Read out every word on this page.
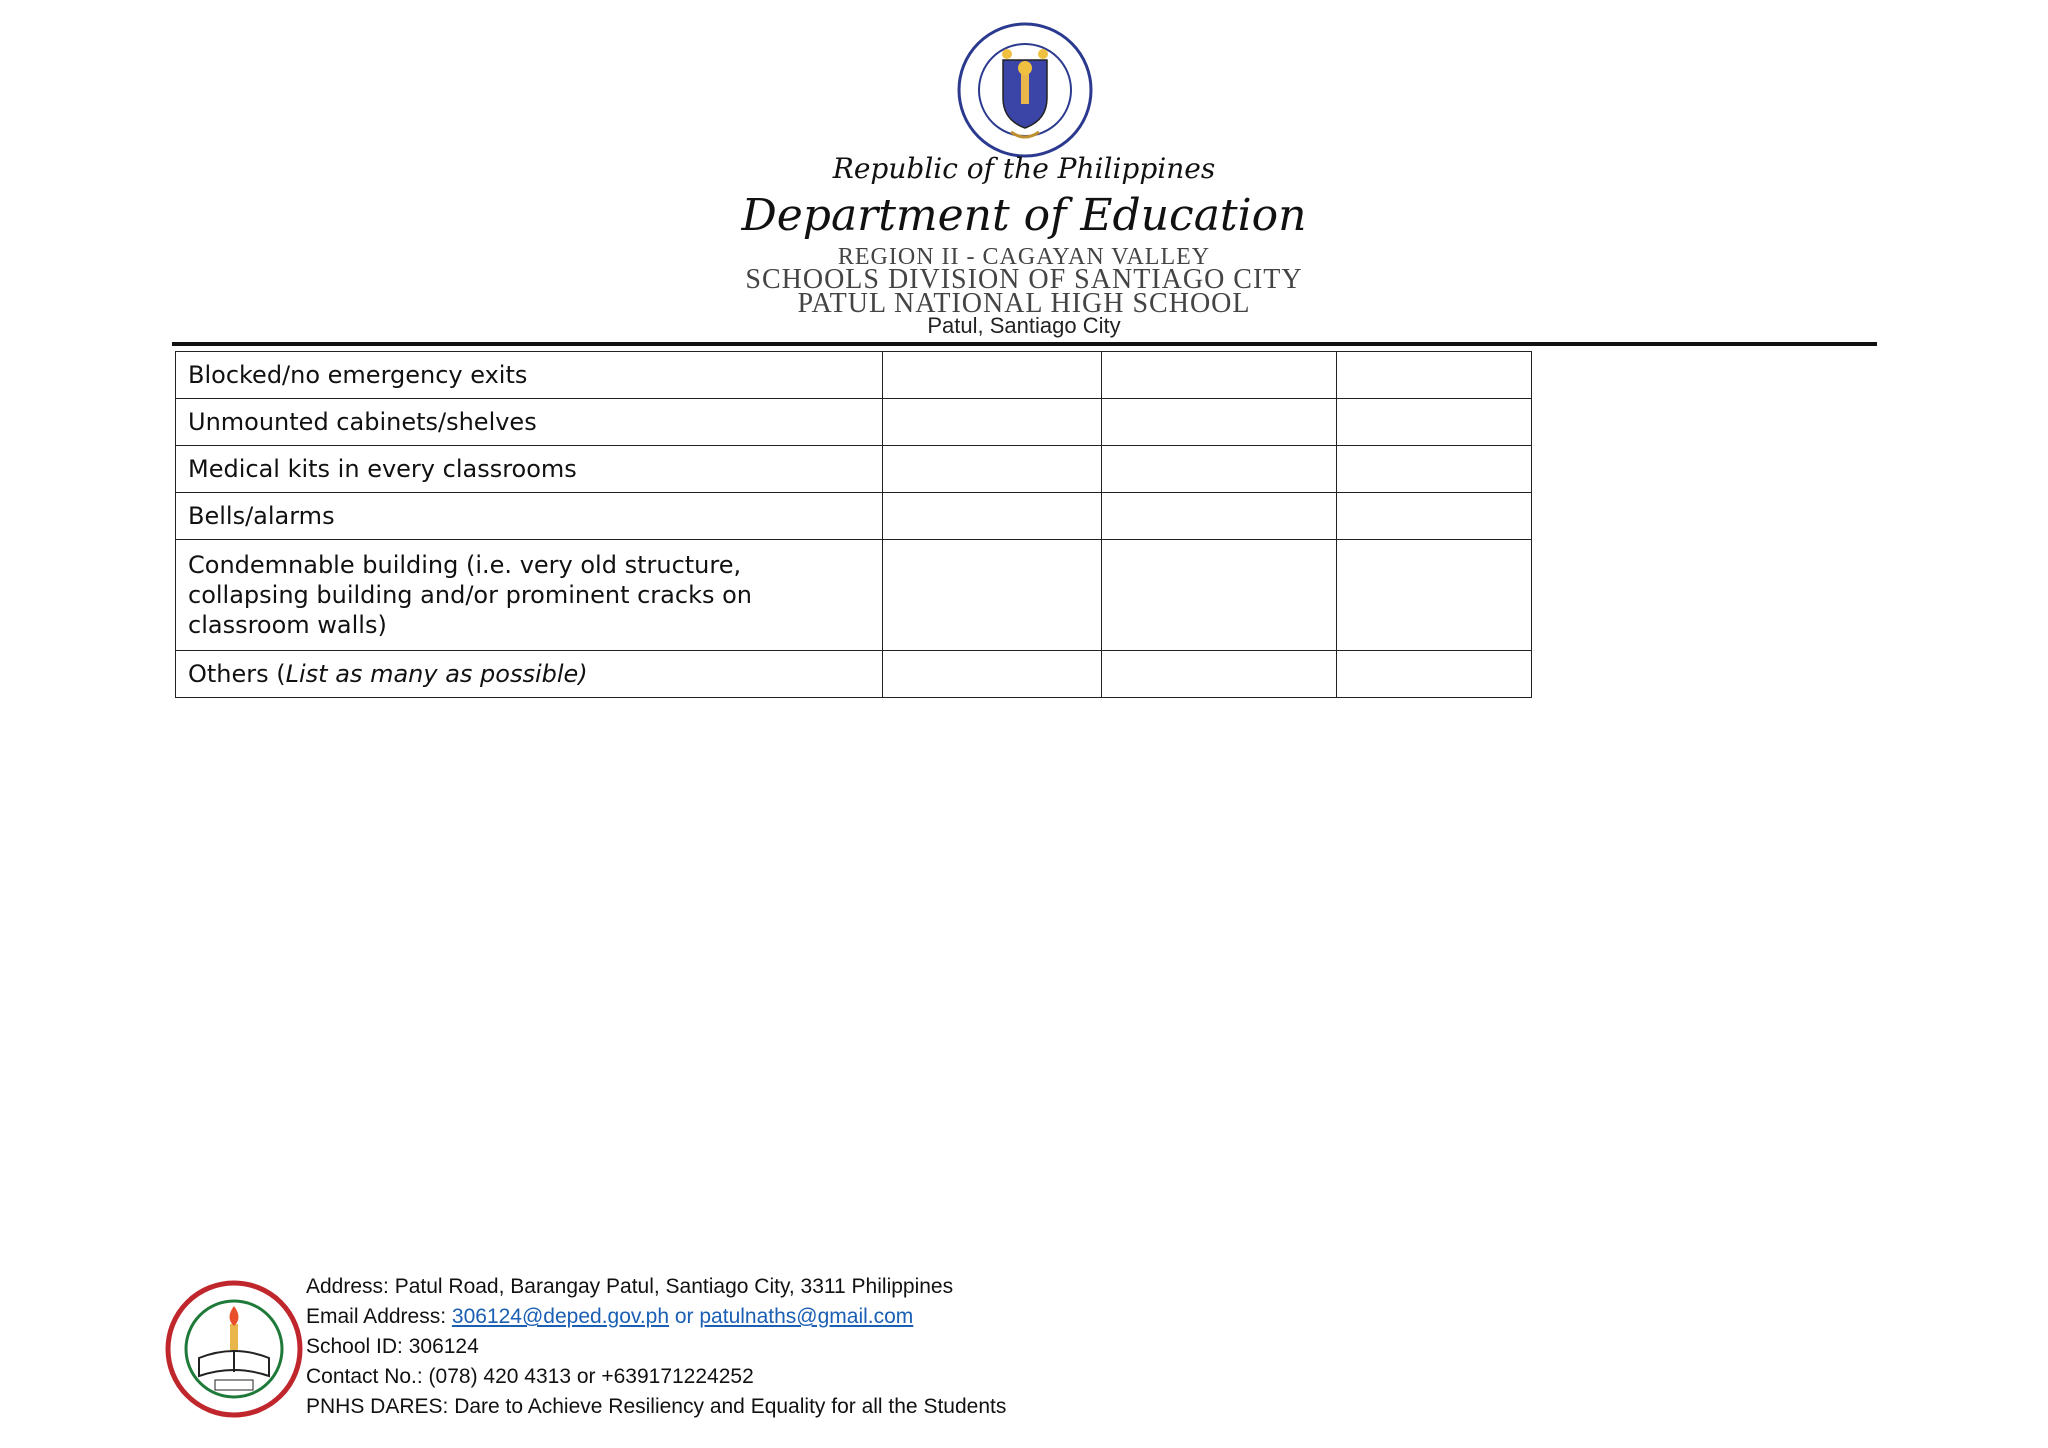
Republic of the Philippines
Department of Education
REGION II - CAGAYAN VALLEY
SCHOOLS DIVISION OF SANTIAGO CITY
PATUL NATIONAL HIGH SCHOOL
Patul, Santiago City
Blocked/no emergency exits			
Unmounted cabinets/shelves			
Medical kits in every classrooms			
Bells/alarms			

Condemnable building (i.e. very old structure,
collapsing building and/or prominent cracks on
classroom walls)			

Others (List as many as possible)			
Address: Patul Road, Barangay Patul, Santiago City, 3311 Philippines
Email Address: 306124@deped.gov.ph or patulnaths@gmail.com
School ID: 306124
Contact No.: (078) 420 4313 or +639171224252
PNHS DARES: Dare to Achieve Resiliency and Equality for all the Students
